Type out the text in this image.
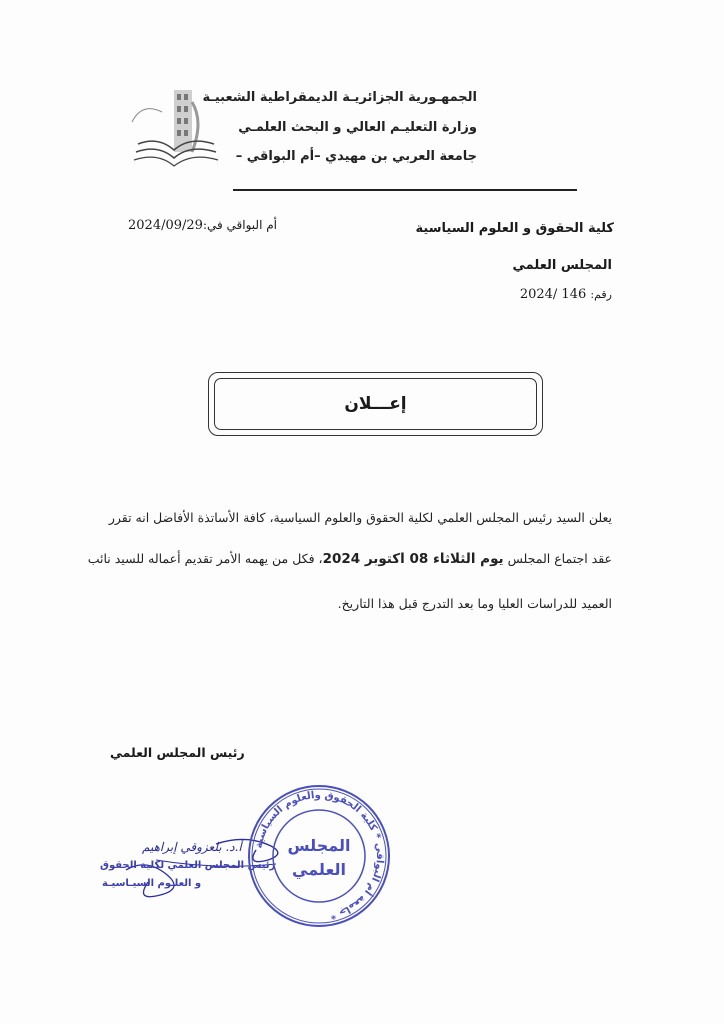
الجمهـورية الجزائريـة الديمقراطية الشعبيـة
وزارة التعليـم العالي و البحث العلمـي
جامعة العربي بن مهيدي –أم البواقي –
كلية الحقوق و العلوم السياسية
المجلس العلمي
رقم: 146 /2024
أم البواقي في:2024/09/29
إعـــلان
يعلن السيد رئيس المجلس العلمي لكلية الحقوق والعلوم السياسية، كافة الأساتذة الأفاضل انه تقرر
عقد اجتماع المجلس يوم الثلاثاء 08 اكتوبر 2024، فكل من يهمه الأمر تقديم أعماله للسيد نائب
العميد للدراسات العليا وما بعد التدرج قبل هذا التاريخ.
رئيس المجلس العلمي
أ.د. بلعزوقي إبراهيم
رئيس المجلس العلمي لكلية الحقوق
و العلـوم السيـاسيـة
جامعة أم البواقي * كلية الحقوق والعلوم السياسية *
المجلس
العلمي
